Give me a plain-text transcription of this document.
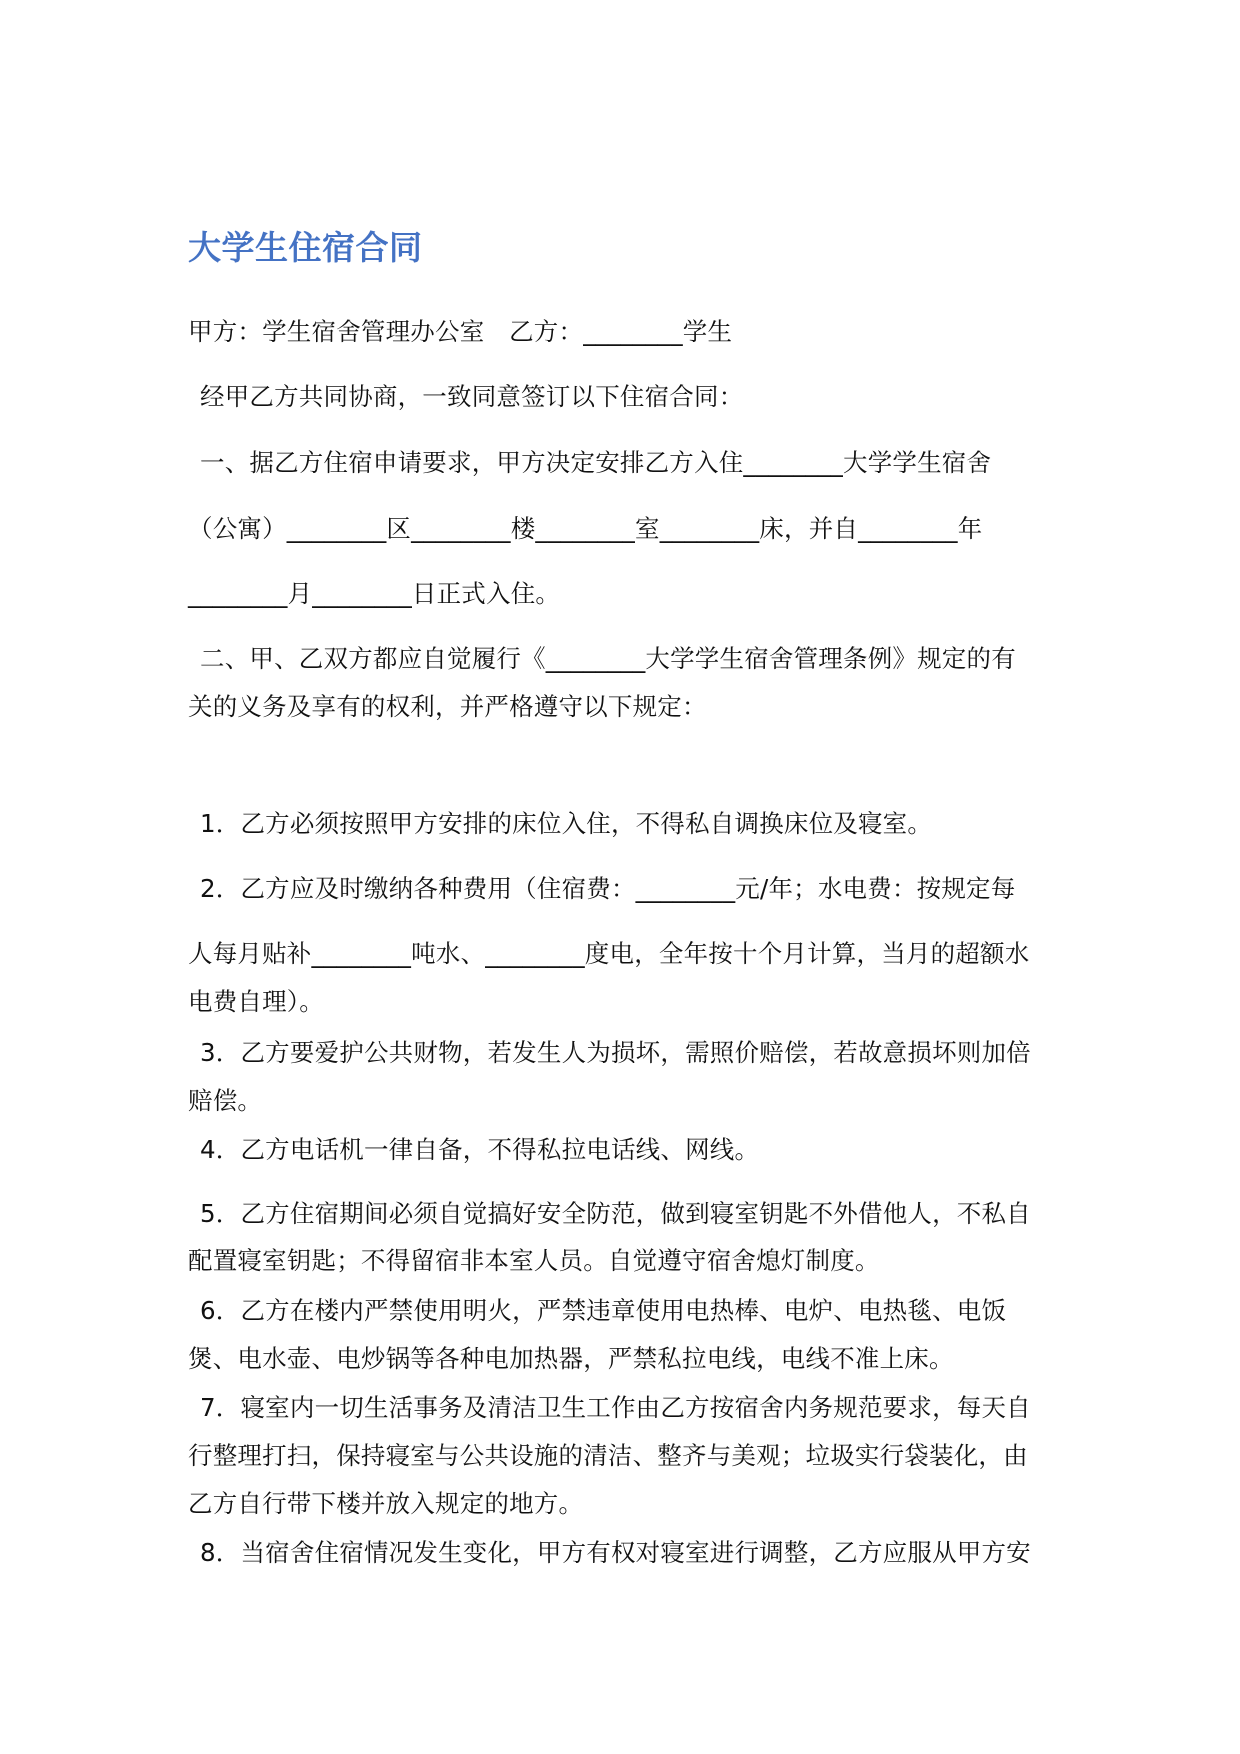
大学生住宿合同
甲方：学生宿舍管理办公室　乙方：________学生
经甲乙方共同协商，一致同意签订以下住宿合同：
一、据乙方住宿申请要求，甲方决定安排乙方入住________大学学生宿舍
（公寓）________区________楼________室________床，并自________年
________月________日正式入住。
二、甲、乙双方都应自觉履行《________大学学生宿舍管理条例》规定的有
关的义务及享有的权利，并严格遵守以下规定：
1．乙方必须按照甲方安排的床位入住，不得私自调换床位及寝室。
2．乙方应及时缴纳各种费用（住宿费：________元/年；水电费：按规定每
人每月贴补________吨水、________度电，全年按十个月计算，当月的超额水
电费自理）。
3．乙方要爱护公共财物，若发生人为损坏，需照价赔偿，若故意损坏则加倍
赔偿。
4．乙方电话机一律自备，不得私拉电话线、网线。
5．乙方住宿期间必须自觉搞好安全防范，做到寝室钥匙不外借他人，不私自
配置寝室钥匙；不得留宿非本室人员。自觉遵守宿舍熄灯制度。
6．乙方在楼内严禁使用明火，严禁违章使用电热棒、电炉、电热毯、电饭
煲、电水壶、电炒锅等各种电加热器，严禁私拉电线，电线不准上床。
7．寝室内一切生活事务及清洁卫生工作由乙方按宿舍内务规范要求，每天自
行整理打扫，保持寝室与公共设施的清洁、整齐与美观；垃圾实行袋装化，由
乙方自行带下楼并放入规定的地方。
8．当宿舍住宿情况发生变化，甲方有权对寝室进行调整，乙方应服从甲方安
